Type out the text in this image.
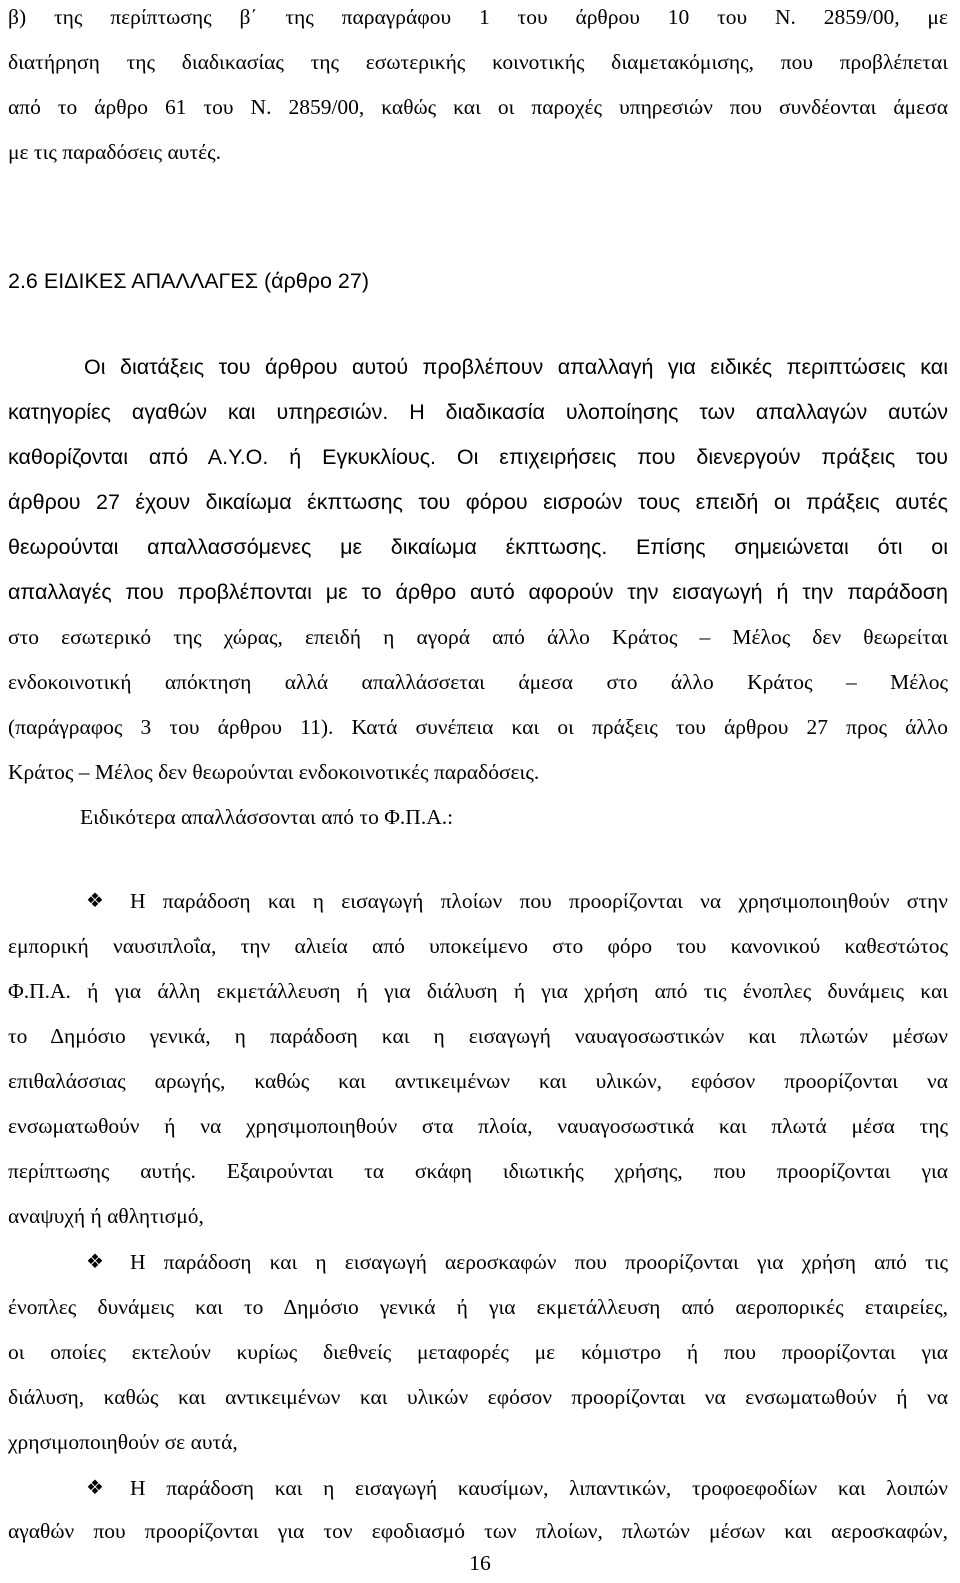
β) της περίπτωσης β΄ της παραγράφου 1 του άρθρου 10 του Ν. 2859/00, με
διατήρηση της διαδικασίας της εσωτερικής κοινοτικής διαμετακόμισης, που προβλέπεται
από το άρθρο 61 του Ν. 2859/00, καθώς και οι παροχές υπηρεσιών που συνδέονται άμεσα
με τις παραδόσεις αυτές.
2.6 ΕΙΔΙΚΕΣ ΑΠΑΛΛΑΓΕΣ (άρθρο 27)
Οι διατάξεις του άρθρου αυτού προβλέπουν απαλλαγή για ειδικές περιπτώσεις και
κατηγορίες αγαθών και υπηρεσιών. Η διαδικασία υλοποίησης των απαλλαγών αυτών
καθορίζονται από Α.Υ.Ο. ή Εγκυκλίους. Οι επιχειρήσεις που διενεργούν πράξεις του
άρθρου 27 έχουν δικαίωμα έκπτωσης του φόρου εισροών τους επειδή οι πράξεις αυτές
θεωρούνται απαλλασσόμενες με δικαίωμα έκπτωσης. Επίσης σημειώνεται ότι οι
απαλλαγές που προβλέπονται με το άρθρο αυτό αφορούν την εισαγωγή ή την παράδοση
στο εσωτερικό της χώρας, επειδή η αγορά από άλλο Κράτος – Μέλος δεν θεωρείται
ενδοκοινοτική απόκτηση αλλά απαλλάσσεται άμεσα στο άλλο Κράτος – Μέλος
(παράγραφος 3 του άρθρου 11). Κατά συνέπεια και οι πράξεις του άρθρου 27 προς άλλο
Κράτος – Μέλος δεν θεωρούνται ενδοκοινοτικές παραδόσεις.
Ειδικότερα απαλλάσσονται από το Φ.Π.Α.:
❖ Η παράδοση και η εισαγωγή πλοίων που προορίζονται να χρησιμοποιηθούν στην
εμπορική ναυσιπλοΐα, την αλιεία από υποκείμενο στο φόρο του κανονικού καθεστώτος
Φ.Π.Α. ή για άλλη εκμετάλλευση ή για διάλυση ή για χρήση από τις ένοπλες δυνάμεις και
το Δημόσιο γενικά, η παράδοση και η εισαγωγή ναυαγοσωστικών και πλωτών μέσων
επιθαλάσσιας αρωγής, καθώς και αντικειμένων και υλικών, εφόσον προορίζονται να
ενσωματωθούν ή να χρησιμοποιηθούν στα πλοία, ναυαγοσωστικά και πλωτά μέσα της
περίπτωσης αυτής. Εξαιρούνται τα σκάφη ιδιωτικής χρήσης, που προορίζονται για
αναψυχή ή αθλητισμό,
❖ Η παράδοση και η εισαγωγή αεροσκαφών που προορίζονται για χρήση από τις
ένοπλες δυνάμεις και το Δημόσιο γενικά ή για εκμετάλλευση από αεροπορικές εταιρείες,
οι οποίες εκτελούν κυρίως διεθνείς μεταφορές με κόμιστρο ή που προορίζονται για
διάλυση, καθώς και αντικειμένων και υλικών εφόσον προορίζονται να ενσωματωθούν ή να
χρησιμοποιηθούν σε αυτά,
❖ Η παράδοση και η εισαγωγή καυσίμων, λιπαντικών, τροφοεφοδίων και λοιπών
αγαθών που προορίζονται για τον εφοδιασμό των πλοίων, πλωτών μέσων και αεροσκαφών,
16
